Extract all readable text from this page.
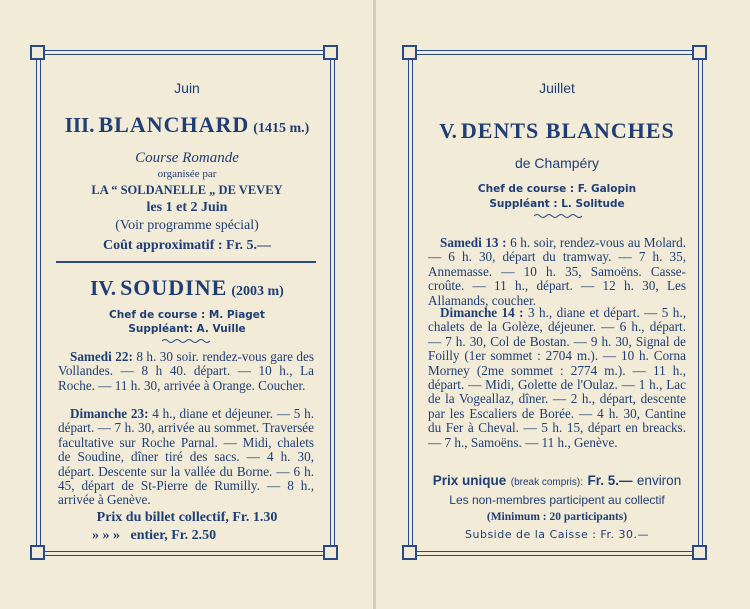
Juin
III. BLANCHARD (1415 m.)
Course Romande
organisée par
LA “ SOLDANELLE „ DE VEVEY
les 1 et 2 Juin
(Voir programme spécial)
Coût approximatif : Fr. 5.—
IV. SOUDINE (2003 m)
Chef de course : M. Piaget
Suppléant: A. Vuille
Samedi 22: 8 h. 30 soir. rendez-vous gare des Vollandes. — 8 h 40. départ. — 10 h., La Roche. — 11 h. 30, arrivée à Orange. Coucher.
Dimanche 23: 4 h., diane et déjeuner. — 5 h. départ. — 7 h. 30, arrivée au sommet. Traversée facultative sur Roche Parnal. — Midi, chalets de Soudine, dîner tiré des sacs. — 4 h. 30, départ. Descente sur la vallée du Borne. — 6 h. 45, départ de St-Pierre de Rumilly. — 8 h., arrivée à Genève.
Prix du billet collectif, Fr. 1.30
» » » entier, Fr. 2.50
Juillet
V. DENTS BLANCHES
de Champéry
Chef de course : F. Galopin
Suppléant : L. Solitude
Samedi 13 : 6 h. soir, rendez-vous au Molard. — 6 h. 30, départ du tramway. — 7 h. 35, Annemasse. — 10 h. 35, Samoëns. Casse-croûte. — 11 h., départ. — 12 h. 30, Les Allamands, coucher.
Dimanche 14 : 3 h., diane et départ. — 5 h., chalets de la Golèze, déjeuner. — 6 h., départ. — 7 h. 30, Col de Bostan. — 9 h. 30, Signal de Foilly (1er sommet : 2704 m.). — 10 h. Corna Morney (2me sommet : 2774 m.). — 11 h., départ. — Midi, Golette de l'Oulaz. — 1 h., Lac de la Vogeallaz, dîner. — 2 h., départ, descente par les Escaliers de Borée. — 4 h. 30, Cantine du Fer à Cheval. — 5 h. 15, départ en breacks. — 7 h., Samoëns. — 11 h., Genève.
Prix unique (break compris): Fr. 5.— environ
Les non-membres participent au collectif
(Minimum : 20 participants)
Subside de la Caisse : Fr. 30.—
